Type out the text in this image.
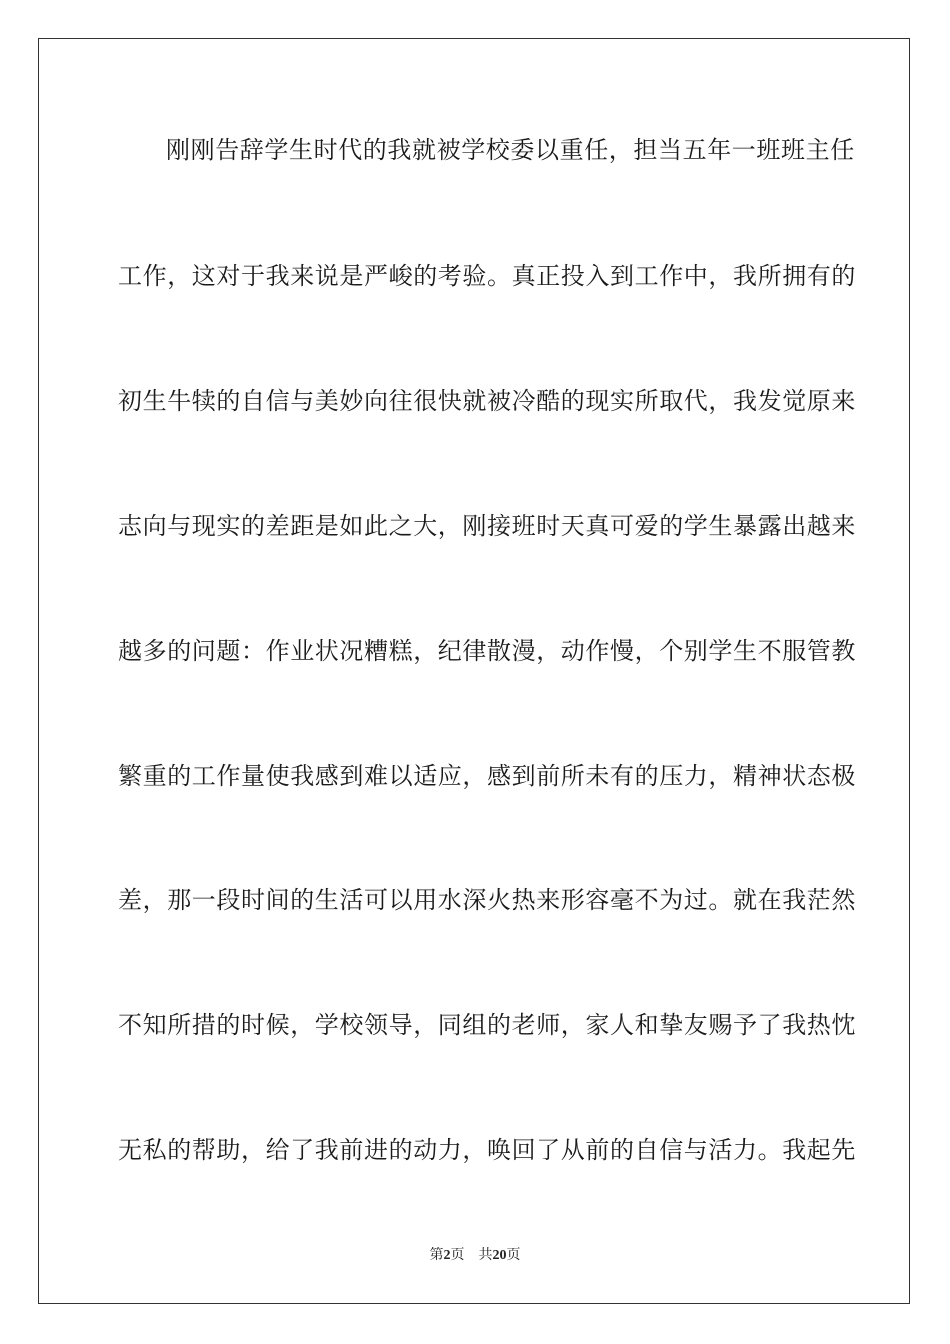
刚刚告辞学生时代的我就被学校委以重任，担当五年一班班主任
工作，这对于我来说是严峻的考验。真正投入到工作中，我所拥有的
初生牛犊的自信与美妙向往很快就被冷酷的现实所取代，我发觉原来
志向与现实的差距是如此之大，刚接班时天真可爱的学生暴露出越来
越多的问题：作业状况糟糕，纪律散漫，动作慢，个别学生不服管教
繁重的工作量使我感到难以适应，感到前所未有的压力，精神状态极
差，那一段时间的生活可以用水深火热来形容毫不为过。就在我茫然
不知所措的时候，学校领导，同组的老师，家人和挚友赐予了我热忱
无私的帮助，给了我前进的动力，唤回了从前的自信与活力。我起先
第2页 共20页
